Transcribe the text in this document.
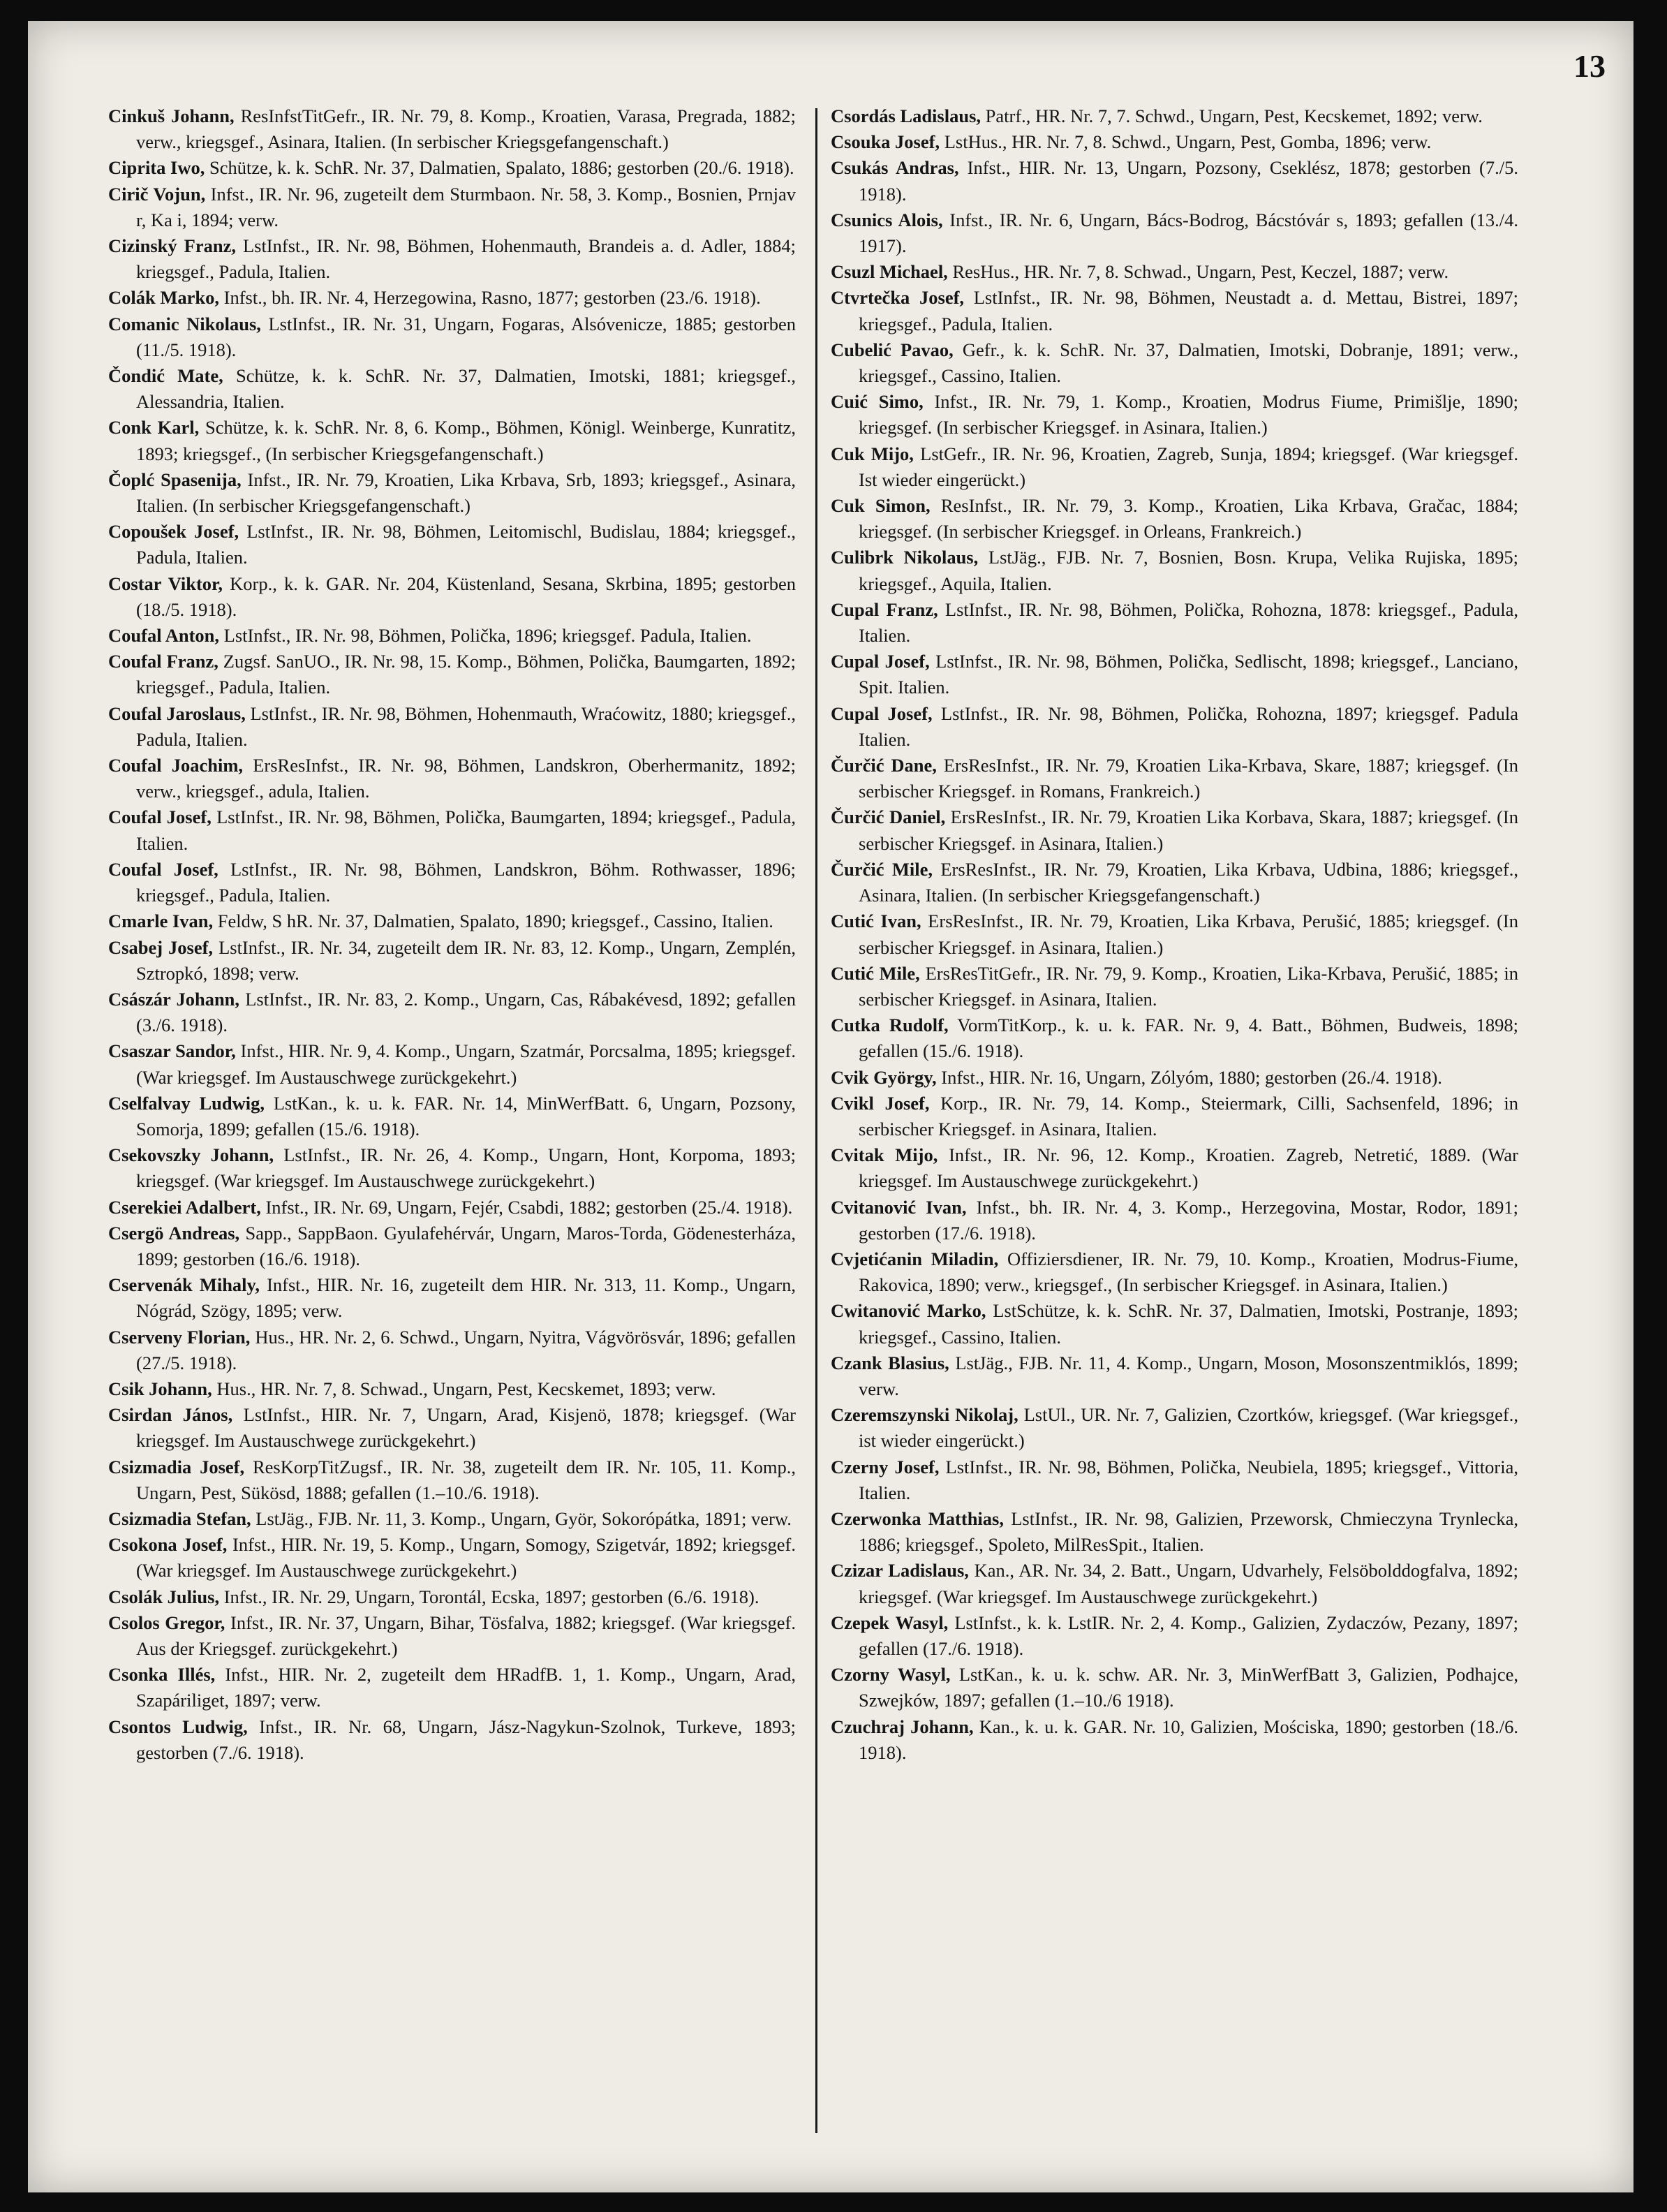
13

Cinkuš Johann, ResInfstTitGefr., IR. Nr. 79, 8. Komp., Kroatien, Varasa, Pregrada, 1882; verw., kriegsgef., Asinara, Italien. (In serbischer Kriegsgefangenschaft.)

Ciprita Iwo, Schütze, k. k. SchR. Nr. 37, Dalmatien, Spalato, 1886; gestorben (20./6. 1918).

Cirič Vojun, Infst., IR. Nr. 96, zugeteilt dem Sturmbaon. Nr. 58, 3. Komp., Bosnien, Prnjav r, Ka i, 1894; verw.

Cizinský Franz, LstInfst., IR. Nr. 98, Böhmen, Hohenmauth, Brandeis a. d. Adler, 1884; kriegsgef., Padula, Italien.

Colák Marko, Infst., bh. IR. Nr. 4, Herzegowina, Rasno, 1877; gestorben (23./6. 1918).

Comanic Nikolaus, LstInfst., IR. Nr. 31, Ungarn, Fogaras, Alsóvenicze, 1885; gestorben (11./5. 1918).

Čondić Mate, Schütze, k. k. SchR. Nr. 37, Dalmatien, Imotski, 1881; kriegsgef., Alessandria, Italien.

Conk Karl, Schütze, k. k. SchR. Nr. 8, 6. Komp., Böhmen, Königl. Weinberge, Kunratitz, 1893; kriegsgef., (In serbischer Kriegsgefangenschaft.)

Čoplć Spasenija, Infst., IR. Nr. 79, Kroatien, Lika Krbava, Srb, 1893; kriegsgef., Asinara, Italien. (In serbischer Kriegsgefangenschaft.)

Copoušek Josef, LstInfst., IR. Nr. 98, Böhmen, Leitomischl, Budislau, 1884; kriegsgef., Padula, Italien.

Costar Viktor, Korp., k. k. GAR. Nr. 204, Küstenland, Sesana, Skrbina, 1895; gestorben (18./5. 1918).

Coufal Anton, LstInfst., IR. Nr. 98, Böhmen, Polička, 1896; kriegsgef. Padula, Italien.

Coufal Franz, Zugsf. SanUO., IR. Nr. 98, 15. Komp., Böhmen, Polička, Baumgarten, 1892; kriegsgef., Padula, Italien.

Coufal Jaroslaus, LstInfst., IR. Nr. 98, Böhmen, Hohenmauth, Wraćowitz, 1880; kriegsgef., Padula, Italien.

Coufal Joachim, ErsResInfst., IR. Nr. 98, Böhmen, Landskron, Oberhermanitz, 1892; verw., kriegsgef., adula, Italien.

Coufal Josef, LstInfst., IR. Nr. 98, Böhmen, Polička, Baumgarten, 1894; kriegsgef., Padula, Italien.

Coufal Josef, LstInfst., IR. Nr. 98, Böhmen, Landskron, Böhm. Rothwasser, 1896; kriegsgef., Padula, Italien.

Cmarle Ivan, Feldw, S hR. Nr. 37, Dalmatien, Spalato, 1890; kriegsgef., Cassino, Italien.

Csabej Josef, LstInfst., IR. Nr. 34, zugeteilt dem IR. Nr. 83, 12. Komp., Ungarn, Zemplén, Sztropkó, 1898; verw.

Császár Johann, LstInfst., IR. Nr. 83, 2. Komp., Ungarn, Cas, Rábakévesd, 1892; gefallen (3./6. 1918).

Csaszar Sandor, Infst., HIR. Nr. 9, 4. Komp., Ungarn, Szatmár, Porcsalma, 1895; kriegsgef. (War kriegsgef. Im Austauschwege zurückgekehrt.)

Cselfalvay Ludwig, LstKan., k. u. k. FAR. Nr. 14, MinWerfBatt. 6, Ungarn, Pozsony, Somorja, 1899; gefallen (15./6. 1918).

Csekovszky Johann, LstInfst., IR. Nr. 26, 4. Komp., Ungarn, Hont, Korpoma, 1893; kriegsgef. (War kriegsgef. Im Austauschwege zurückgekehrt.)

Cserekiei Adalbert, Infst., IR. Nr. 69, Ungarn, Fejér, Csabdi, 1882; gestorben (25./4. 1918).

Csergö Andreas, Sapp., SappBaon. Gyulafehérvár, Ungarn, Maros-Torda, Gödenesterháza, 1899; gestorben (16./6. 1918).

Cservenák Mihaly, Infst., HIR. Nr. 16, zugeteilt dem HIR. Nr. 313, 11. Komp., Ungarn, Nógrád, Szögy, 1895; verw.

Cserveny Florian, Hus., HR. Nr. 2, 6. Schwd., Ungarn, Nyitra, Vágvörösvár, 1896; gefallen (27./5. 1918).

Csik Johann, Hus., HR. Nr. 7, 8. Schwad., Ungarn, Pest, Kecskemet, 1893; verw.

Csirdan János, LstInfst., HIR. Nr. 7, Ungarn, Arad, Kisjenö, 1878; kriegsgef. (War kriegsgef. Im Austauschwege zurückgekehrt.)

Csizmadia Josef, ResKorpTitZugsf., IR. Nr. 38, zugeteilt dem IR. Nr. 105, 11. Komp., Ungarn, Pest, Sükösd, 1888; gefallen (1.–10./6. 1918).

Csizmadia Stefan, LstJäg., FJB. Nr. 11, 3. Komp., Ungarn, Györ, Sokorópátka, 1891; verw.

Csokona Josef, Infst., HIR. Nr. 19, 5. Komp., Ungarn, Somogy, Szigetvár, 1892; kriegsgef. (War kriegsgef. Im Austauschwege zurückgekehrt.)

Csolák Julius, Infst., IR. Nr. 29, Ungarn, Torontál, Ecska, 1897; gestorben (6./6. 1918).

Csolos Gregor, Infst., IR. Nr. 37, Ungarn, Bihar, Tösfalva, 1882; kriegsgef. (War kriegsgef. Aus der Kriegsgef. zurückgekehrt.)

Csonka Illés, Infst., HIR. Nr. 2, zugeteilt dem HRadfB. 1, 1. Komp., Ungarn, Arad, Szapáriliget, 1897; verw.

Csontos Ludwig, Infst., IR. Nr. 68, Ungarn, Jász-Nagykun-Szolnok, Turkeve, 1893; gestorben (7./6. 1918).

Csordás Ladislaus, Patrf., HR. Nr. 7, 7. Schwd., Ungarn, Pest, Kecskemet, 1892; verw.

Csouka Josef, LstHus., HR. Nr. 7, 8. Schwd., Ungarn, Pest, Gomba, 1896; verw.

Csukás Andras, Infst., HIR. Nr. 13, Ungarn, Pozsony, Cseklész, 1878; gestorben (7./5. 1918).

Csunics Alois, Infst., IR. Nr. 6, Ungarn, Bács-Bodrog, Bácstóvár s, 1893; gefallen (13./4. 1917).

Csuzl Michael, ResHus., HR. Nr. 7, 8. Schwad., Ungarn, Pest, Keczel, 1887; verw.

Ctvrtečka Josef, LstInfst., IR. Nr. 98, Böhmen, Neustadt a. d. Mettau, Bistrei, 1897; kriegsgef., Padula, Italien.

Cubelić Pavao, Gefr., k. k. SchR. Nr. 37, Dalmatien, Imotski, Dobranje, 1891; verw., kriegsgef., Cassino, Italien.

Cuić Simo, Infst., IR. Nr. 79, 1. Komp., Kroatien, Modrus Fiume, Primišlje, 1890; kriegsgef. (In serbischer Kriegsgef. in Asinara, Italien.)

Cuk Mijo, LstGefr., IR. Nr. 96, Kroatien, Zagreb, Sunja, 1894; kriegsgef. (War kriegsgef. Ist wieder eingerückt.)

Cuk Simon, ResInfst., IR. Nr. 79, 3. Komp., Kroatien, Lika Krbava, Gračac, 1884; kriegsgef. (In serbischer Kriegsgef. in Orleans, Frankreich.)

Culibrk Nikolaus, LstJäg., FJB. Nr. 7, Bosnien, Bosn. Krupa, Velika Rujiska, 1895; kriegsgef., Aquila, Italien.

Cupal Franz, LstInfst., IR. Nr. 98, Böhmen, Polička, Rohozna, 1878: kriegsgef., Padula, Italien.

Cupal Josef, LstInfst., IR. Nr. 98, Böhmen, Polička, Sedlischt, 1898; kriegsgef., Lanciano, Spit. Italien.

Cupal Josef, LstInfst., IR. Nr. 98, Böhmen, Polička, Rohozna, 1897; kriegsgef. Padula Italien.

Čurčić Dane, ErsResInfst., IR. Nr. 79, Kroatien Lika-Krbava, Skare, 1887; kriegsgef. (In serbischer Kriegsgef. in Romans, Frankreich.)

Čurčić Daniel, ErsResInfst., IR. Nr. 79, Kroatien Lika Korbava, Skara, 1887; kriegsgef. (In serbischer Kriegsgef. in Asinara, Italien.)

Čurčić Mile, ErsResInfst., IR. Nr. 79, Kroatien, Lika Krbava, Udbina, 1886; kriegsgef., Asinara, Italien. (In serbischer Kriegsgefangenschaft.)

Cutić Ivan, ErsResInfst., IR. Nr. 79, Kroatien, Lika Krbava, Perušić, 1885; kriegsgef. (In serbischer Kriegsgef. in Asinara, Italien.)

Cutić Mile, ErsResTitGefr., IR. Nr. 79, 9. Komp., Kroatien, Lika-Krbava, Perušić, 1885; in serbischer Kriegsgef. in Asinara, Italien.

Cutka Rudolf, VormTitKorp., k. u. k. FAR. Nr. 9, 4. Batt., Böhmen, Budweis, 1898; gefallen (15./6. 1918).

Cvik György, Infst., HIR. Nr. 16, Ungarn, Zólyóm, 1880; gestorben (26./4. 1918).

Cvikl Josef, Korp., IR. Nr. 79, 14. Komp., Steiermark, Cilli, Sachsenfeld, 1896; in serbischer Kriegsgef. in Asinara, Italien.

Cvitak Mijo, Infst., IR. Nr. 96, 12. Komp., Kroatien. Zagreb, Netretić, 1889. (War kriegsgef. Im Austauschwege zurückgekehrt.)

Cvitanović Ivan, Infst., bh. IR. Nr. 4, 3. Komp., Herzegovina, Mostar, Rodor, 1891; gestorben (17./6. 1918).

Cvjetićanin Miladin, Offiziersdiener, IR. Nr. 79, 10. Komp., Kroatien, Modrus-Fiume, Rakovica, 1890; verw., kriegsgef., (In serbischer Kriegsgef. in Asinara, Italien.)

Cwitanović Marko, LstSchütze, k. k. SchR. Nr. 37, Dalmatien, Imotski, Postranje, 1893; kriegsgef., Cassino, Italien.

Czank Blasius, LstJäg., FJB. Nr. 11, 4. Komp., Ungarn, Moson, Mosonszentmiklós, 1899; verw.

Czeremszynski Nikolaj, LstUl., UR. Nr. 7, Galizien, Czortków, kriegsgef. (War kriegsgef., ist wieder eingerückt.)

Czerny Josef, LstInfst., IR. Nr. 98, Böhmen, Polička, Neubiela, 1895; kriegsgef., Vittoria, Italien.

Czerwonka Matthias, LstInfst., IR. Nr. 98, Galizien, Przeworsk, Chmieczyna Trynlecka, 1886; kriegsgef., Spoleto, MilResSpit., Italien.

Czizar Ladislaus, Kan., AR. Nr. 34, 2. Batt., Ungarn, Udvarhely, Felsöbolddogfalva, 1892; kriegsgef. (War kriegsgef. Im Austauschwege zurückgekehrt.)

Czepek Wasyl, LstInfst., k. k. LstIR. Nr. 2, 4. Komp., Galizien, Zydaczów, Pezany, 1897; gefallen (17./6. 1918).

Czorny Wasyl, LstKan., k. u. k. schw. AR. Nr. 3, MinWerfBatt 3, Galizien, Podhajce, Szwejków, 1897; gefallen (1.–10./6 1918).

Czuchraj Johann, Kan., k. u. k. GAR. Nr. 10, Galizien, Mościska, 1890; gestorben (18./6. 1918).
